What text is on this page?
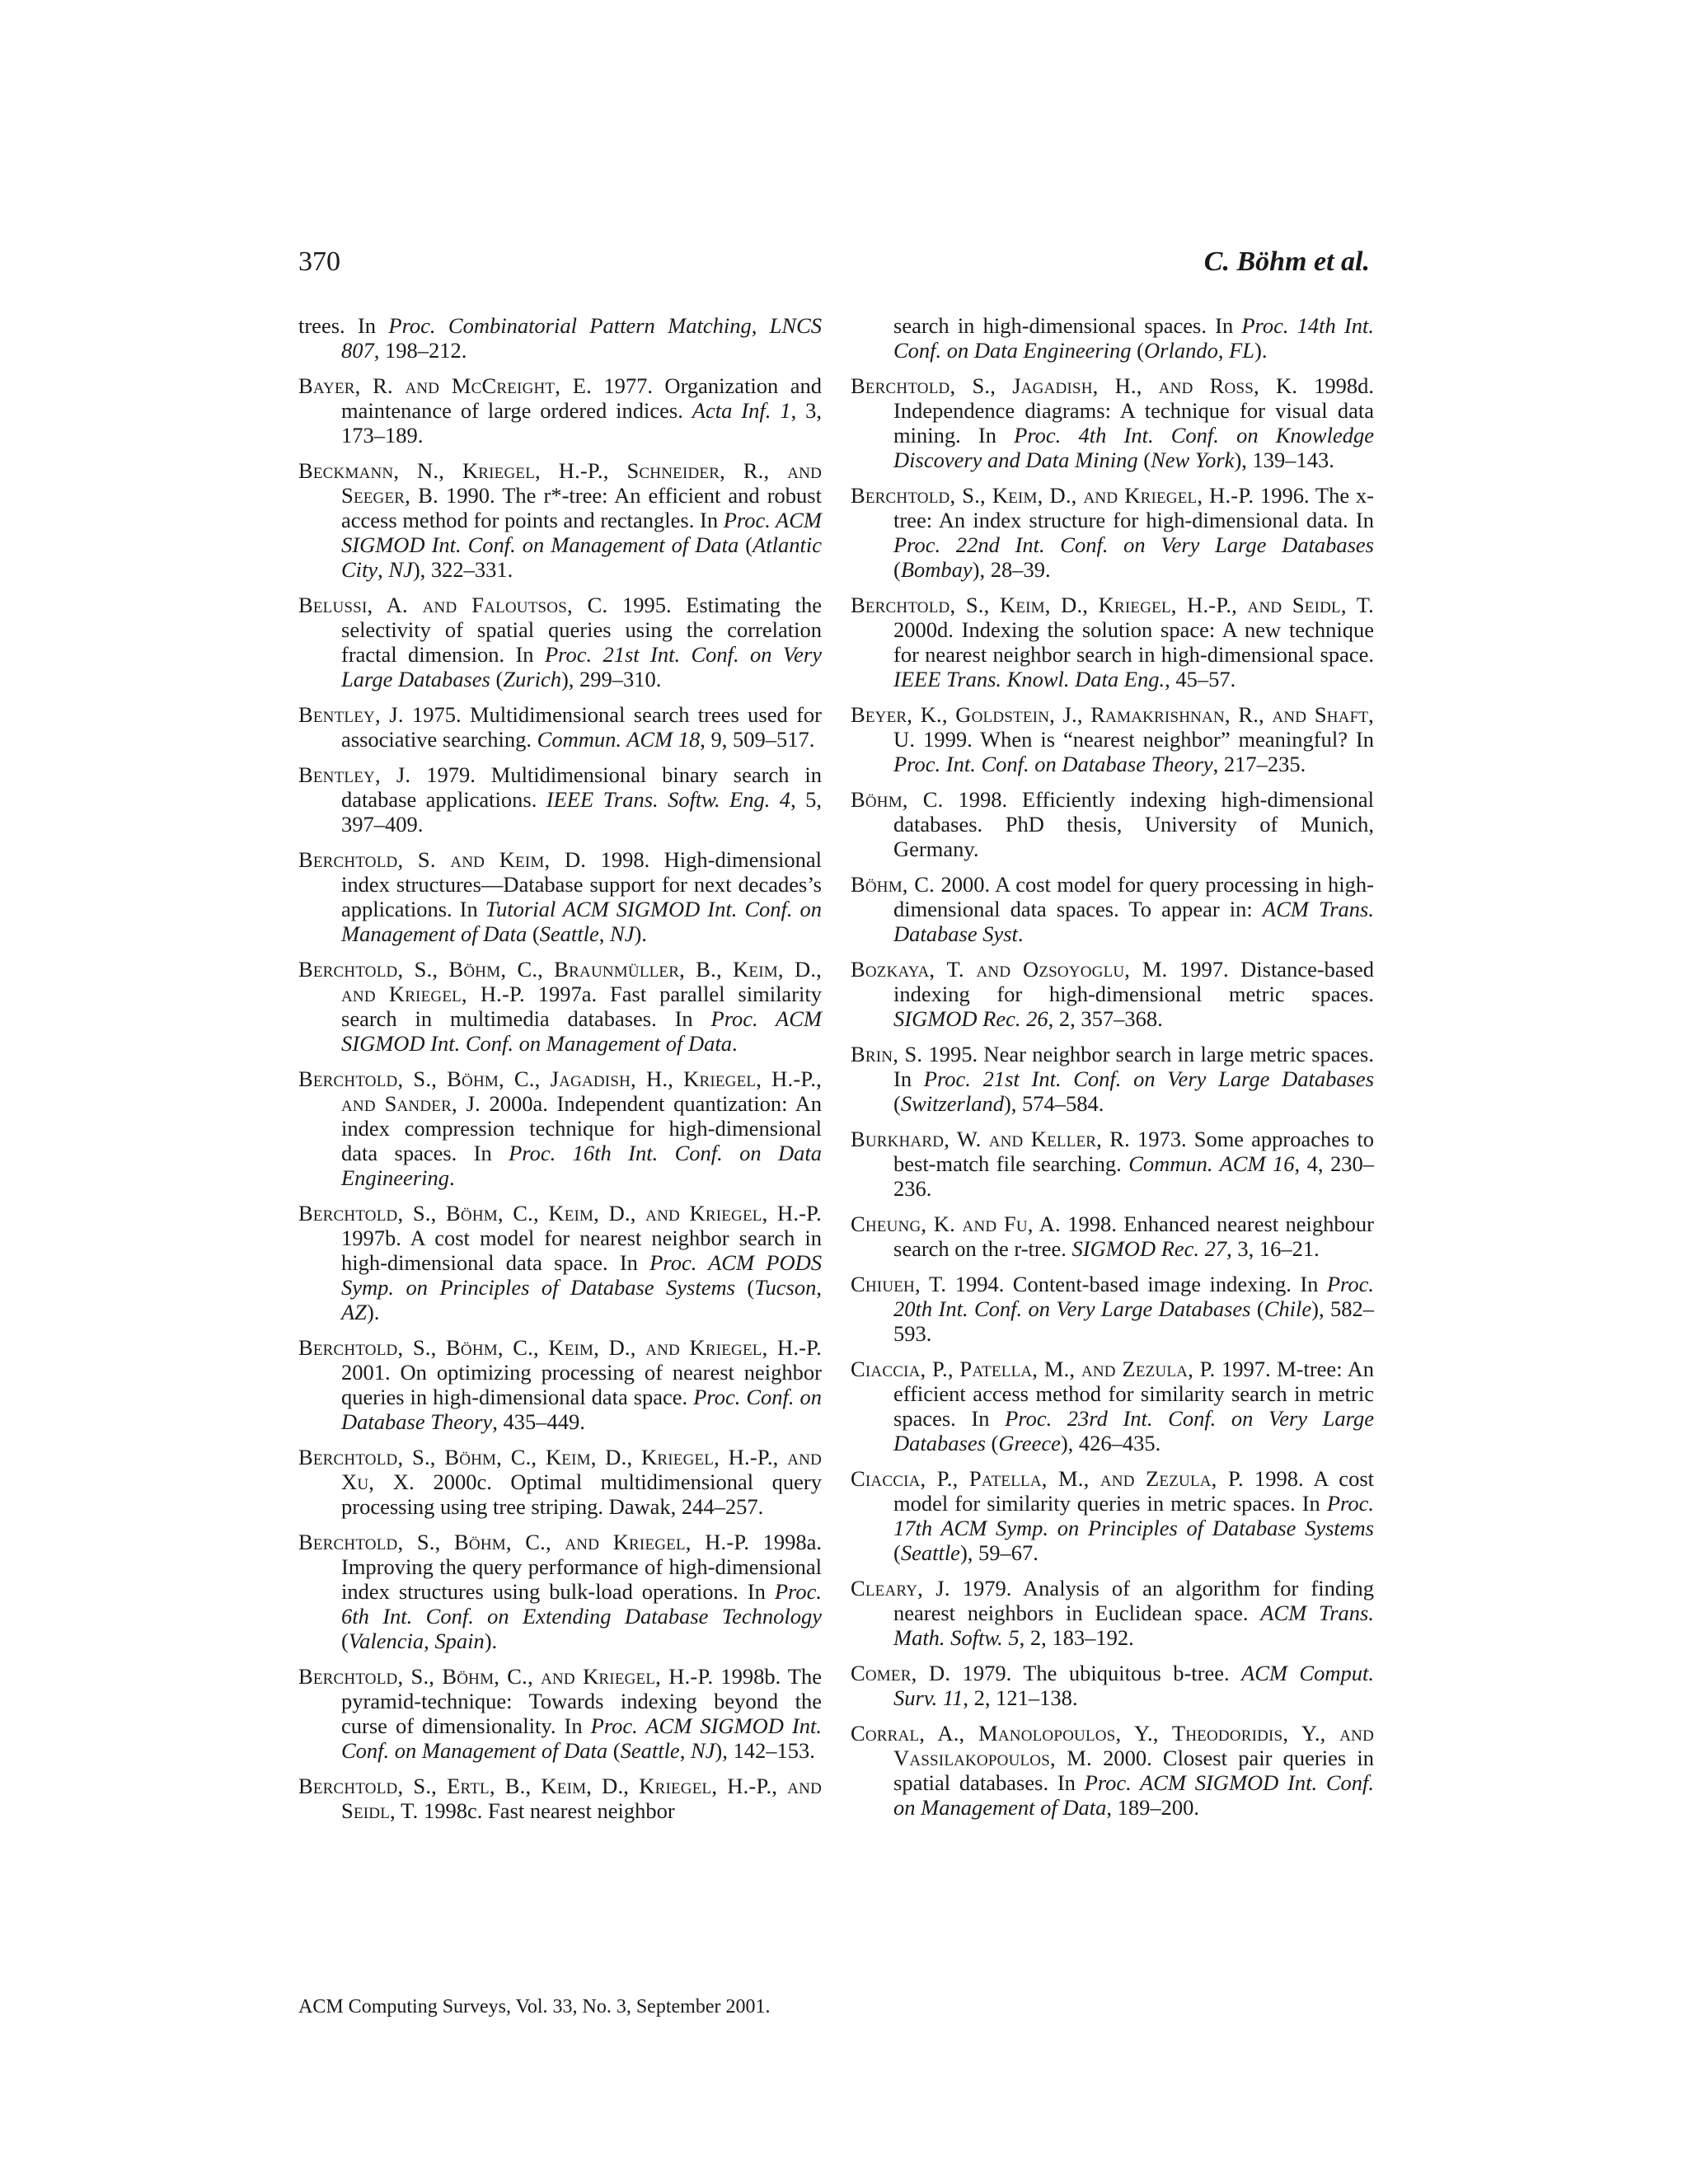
370	C. Böhm et al.

trees. In Proc. Combinatorial Pattern Matching, LNCS 807, 198–212.

Bayer, R. and McCreight, E. 1977. Organization and maintenance of large ordered indices. Acta Inf. 1, 3, 173–189.

Beckmann, N., Kriegel, H.-P., Schneider, R., and Seeger, B. 1990. The r*-tree: An efficient and robust access method for points and rectangles. In Proc. ACM SIGMOD Int. Conf. on Management of Data (Atlantic City, NJ), 322–331.

Belussi, A. and Faloutsos, C. 1995. Estimating the selectivity of spatial queries using the correlation fractal dimension. In Proc. 21st Int. Conf. on Very Large Databases (Zurich), 299–310.

Bentley, J. 1975. Multidimensional search trees used for associative searching. Commun. ACM 18, 9, 509–517.

Bentley, J. 1979. Multidimensional binary search in database applications. IEEE Trans. Softw. Eng. 4, 5, 397–409.

Berchtold, S. and Keim, D. 1998. High-dimensional index structures—Database support for next decades’s applications. In Tutorial ACM SIGMOD Int. Conf. on Management of Data (Seattle, NJ).

Berchtold, S., Böhm, C., Braunmüller, B., Keim, D., and Kriegel, H.-P. 1997a. Fast parallel similarity search in multimedia databases. In Proc. ACM SIGMOD Int. Conf. on Management of Data.

Berchtold, S., Böhm, C., Jagadish, H., Kriegel, H.-P., and Sander, J. 2000a. Independent quantization: An index compression technique for high-dimensional data spaces. In Proc. 16th Int. Conf. on Data Engineering.

Berchtold, S., Böhm, C., Keim, D., and Kriegel, H.-P. 1997b. A cost model for nearest neighbor search in high-dimensional data space. In Proc. ACM PODS Symp. on Principles of Database Systems (Tucson, AZ).

Berchtold, S., Böhm, C., Keim, D., and Kriegel, H.-P. 2001. On optimizing processing of nearest neighbor queries in high-dimensional data space. Proc. Conf. on Database Theory, 435–449.

Berchtold, S., Böhm, C., Keim, D., Kriegel, H.-P., and Xu, X. 2000c. Optimal multidimensional query processing using tree striping. Dawak, 244–257.

Berchtold, S., Böhm, C., and Kriegel, H.-P. 1998a. Improving the query performance of high-dimensional index structures using bulk-load operations. In Proc. 6th Int. Conf. on Extending Database Technology (Valencia, Spain).

Berchtold, S., Böhm, C., and Kriegel, H.-P. 1998b. The pyramid-technique: Towards indexing beyond the curse of dimensionality. In Proc. ACM SIGMOD Int. Conf. on Management of Data (Seattle, NJ), 142–153.

Berchtold, S., Ertl, B., Keim, D., Kriegel, H.-P., and Seidl, T. 1998c. Fast nearest neighbor

search in high-dimensional spaces. In Proc. 14th Int. Conf. on Data Engineering (Orlando, FL).

Berchtold, S., Jagadish, H., and Ross, K. 1998d. Independence diagrams: A technique for visual data mining. In Proc. 4th Int. Conf. on Knowledge Discovery and Data Mining (New York), 139–143.

Berchtold, S., Keim, D., and Kriegel, H.-P. 1996. The x-tree: An index structure for high-dimensional data. In Proc. 22nd Int. Conf. on Very Large Databases (Bombay), 28–39.

Berchtold, S., Keim, D., Kriegel, H.-P., and Seidl, T. 2000d. Indexing the solution space: A new technique for nearest neighbor search in high-dimensional space. IEEE Trans. Knowl. Data Eng., 45–57.

Beyer, K., Goldstein, J., Ramakrishnan, R., and Shaft, U. 1999. When is “nearest neighbor” meaningful? In Proc. Int. Conf. on Database Theory, 217–235.

Böhm, C. 1998. Efficiently indexing high-dimensional databases. PhD thesis, University of Munich, Germany.

Böhm, C. 2000. A cost model for query processing in high-dimensional data spaces. To appear in: ACM Trans. Database Syst.

Bozkaya, T. and Ozsoyoglu, M. 1997. Distance-based indexing for high-dimensional metric spaces. SIGMOD Rec. 26, 2, 357–368.

Brin, S. 1995. Near neighbor search in large metric spaces. In Proc. 21st Int. Conf. on Very Large Databases (Switzerland), 574–584.

Burkhard, W. and Keller, R. 1973. Some approaches to best-match file searching. Commun. ACM 16, 4, 230–236.

Cheung, K. and Fu, A. 1998. Enhanced nearest neighbour search on the r-tree. SIGMOD Rec. 27, 3, 16–21.

Chiueh, T. 1994. Content-based image indexing. In Proc. 20th Int. Conf. on Very Large Databases (Chile), 582–593.

Ciaccia, P., Patella, M., and Zezula, P. 1997. M-tree: An efficient access method for similarity search in metric spaces. In Proc. 23rd Int. Conf. on Very Large Databases (Greece), 426–435.

Ciaccia, P., Patella, M., and Zezula, P. 1998. A cost model for similarity queries in metric spaces. In Proc. 17th ACM Symp. on Principles of Database Systems (Seattle), 59–67.

Cleary, J. 1979. Analysis of an algorithm for finding nearest neighbors in Euclidean space. ACM Trans. Math. Softw. 5, 2, 183–192.

Comer, D. 1979. The ubiquitous b-tree. ACM Comput. Surv. 11, 2, 121–138.

Corral, A., Manolopoulos, Y., Theodoridis, Y., and Vassilakopoulos, M. 2000. Closest pair queries in spatial databases. In Proc. ACM SIGMOD Int. Conf. on Management of Data, 189–200.

ACM Computing Surveys, Vol. 33, No. 3, September 2001.
